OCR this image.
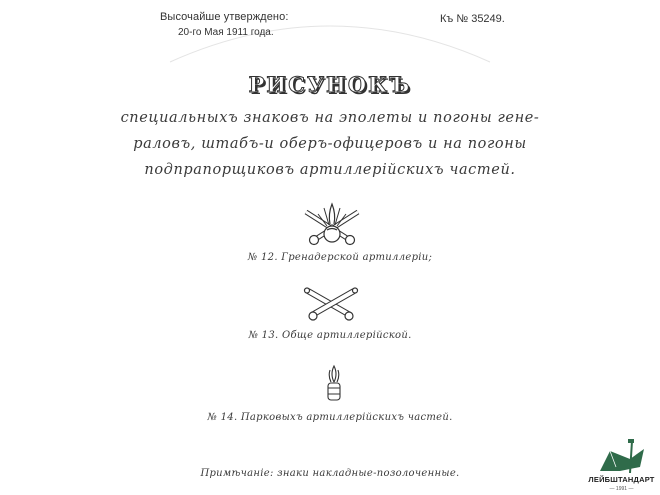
Высочайше утверждено:
20-го Мая 1911 года.
Къ № 35249.
РИСУНОКЪ
специальныхъ знаковъ на эполеты и погоны гене-
раловъ, штабъ-и оберъ-офицеровъ и на погоны
подпрапорщиковъ артиллерійскихъ частей.
№ 12. Гренадерской артиллеріи;
№ 13. Обще артиллерійской.
№ 14. Парковыхъ артиллерійскихъ частей.
Примѣчаніе: знаки накладные-позолоченные.
ЛЕЙБШТАНДАРТ
— 1991 —
